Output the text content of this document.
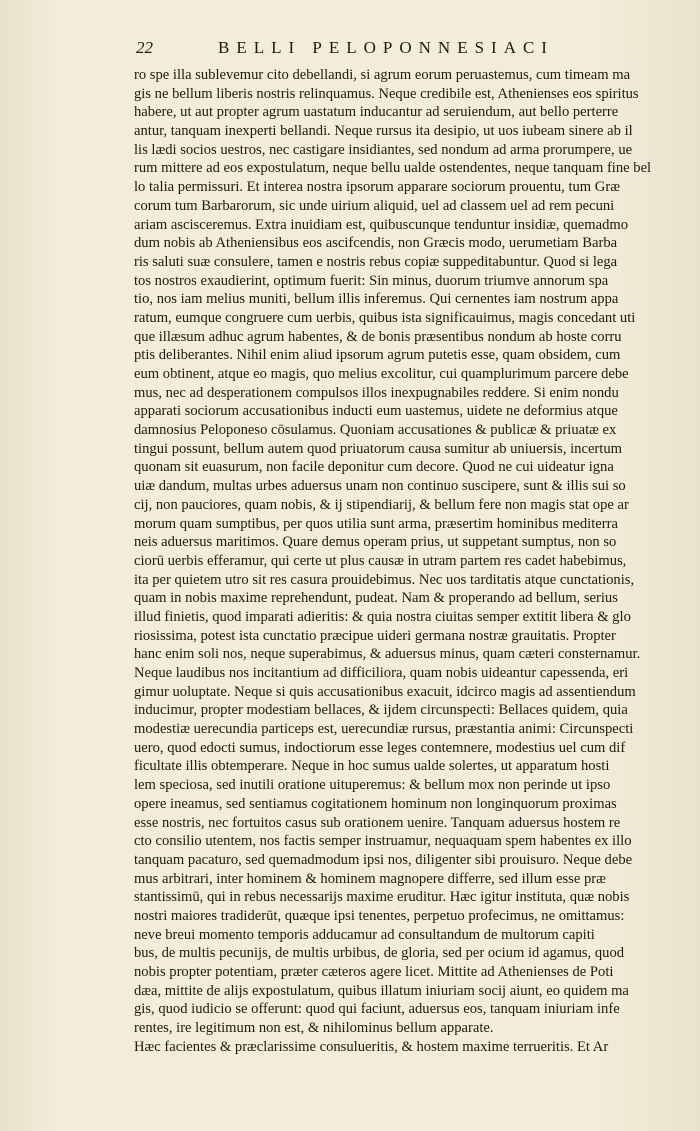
22	BELLI PELOPONNESIACI
ro spe illa sublevemur cito debellandi, si agrum eorum peruastemus, cum timeam ma
gis ne bellum liberis nostris relinquamus. Neque credibile est, Athenienses eos spiritus
habere, ut aut propter agrum uastatum inducantur ad seruiendum, aut bello perterre
antur, tanquam inexperti bellandi. Neque rursus ita desipio, ut uos iubeam sinere ab il
lis lædi socios uestros, nec castigare insidiantes, sed nondum ad arma prorumpere, ue
rum mittere ad eos expostulatum, neque bellu ualde ostendentes, neque tanquam fine bel
lo talia permissuri. Et interea nostra ipsorum apparare sociorum prouentu, tum Græ
corum tum Barbarorum, sic unde uirium aliquid, uel ad classem uel ad rem pecuni
ariam ascisceremus. Extra inuidiam est, quibuscunque tenduntur insidiæ, quemadmo
dum nobis ab Atheniensibus eos ascifcendis, non Græcis modo, uerumetiam Barba
ris saluti suæ consulere, tamen e nostris rebus copiæ suppeditabuntur. Quod si lega
tos nostros exaudierint, optimum fuerit: Sin minus, duorum triumve annorum spa
tio, nos iam melius muniti, bellum illis inferemus. Qui cernentes iam nostrum appa
ratum, eumque congruere cum uerbis, quibus ista significauimus, magis concedant uti
que illæsum adhuc agrum habentes, & de bonis præsentibus nondum ab hoste corru
ptis deliberantes. Nihil enim aliud ipsorum agrum putetis esse, quam obsidem, cum
eum obtinent, atque eo magis, quo melius excolitur, cui quamplurimum parcere debe
mus, nec ad desperationem compulsos illos inexpugnabiles reddere. Si enim nondu
apparati sociorum accusationibus inducti eum uastemus, uidete ne deformius atque
damnosius Peloponeso cōsulamus. Quoniam accusationes & publicæ & priuatæ ex
tingui possunt, bellum autem quod priuatorum causa sumitur ab uniuersis, incertum
quonam sit euasurum, non facile deponitur cum decore. Quod ne cui uideatur igna
uiæ dandum, multas urbes aduersus unam non continuo suscipere, sunt & illis sui so
cij, non pauciores, quam nobis, & ij stipendiarij, & bellum fere non magis stat ope ar
morum quam sumptibus, per quos utilia sunt arma, præsertim hominibus mediterra
neis aduersus maritimos. Quare demus operam prius, ut suppetant sumptus, non so
ciorū uerbis efferamur, qui certe ut plus causæ in utram partem res cadet habebimus,
ita per quietem utro sit res casura prouidebimus. Nec uos tarditatis atque cunctationis,
quam in nobis maxime reprehendunt, pudeat. Nam & properando ad bellum, serius
illud finietis, quod imparati adieritis: & quia nostra ciuitas semper extitit libera & glo
riosissima, potest ista cunctatio præcipue uideri germana nostræ grauitatis. Propter
hanc enim soli nos, neque superabimus, & aduersus minus, quam cæteri consternamur.
Neque laudibus nos incitantium ad difficiliora, quam nobis uideantur capessenda, eri
gimur uoluptate. Neque si quis accusationibus exacuit, idcirco magis ad assentiendum
inducimur, propter modestiam bellaces, & ijdem circunspecti: Bellaces quidem, quia
modestiæ uerecundia particeps est, uerecundiæ rursus, præstantia animi: Circunspecti
uero, quod edocti sumus, indoctiorum esse leges contemnere, modestius uel cum dif
ficultate illis obtemperare. Neque in hoc sumus ualde solertes, ut apparatum hosti
lem speciosa, sed inutili oratione uituperemus: & bellum mox non perinde ut ipso
opere ineamus, sed sentiamus cogitationem hominum non longinquorum proximas
esse nostris, nec fortuitos casus sub orationem uenire. Tanquam aduersus hostem re
cto consilio utentem, nos factis semper instruamur, nequaquam spem habentes ex illo
tanquam pacaturo, sed quemadmodum ipsi nos, diligenter sibi prouisuro. Neque debe
mus arbitrari, inter hominem & hominem magnopere differre, sed illum esse præ
stantissimū, qui in rebus necessarijs maxime eruditur. Hæc igitur instituta, quæ nobis
nostri maiores tradiderūt, quæque ipsi tenentes, perpetuo profecimus, ne omittamus:
neve breui momento temporis adducamur ad consultandum de multorum capiti
bus, de multis pecunijs, de multis urbibus, de gloria, sed per ocium id agamus, quod
nobis propter potentiam, præter cæteros agere licet. Mittite ad Athenienses de Poti
dæa, mittite de alijs expostulatum, quibus illatum iniuriam socij aiunt, eo quidem ma
gis, quod iudicio se offerunt: quod qui faciunt, aduersus eos, tanquam iniuriam infe
rentes, ire legitimum non est, & nihilominus bellum apparate.
Hæc facientes & præclarissime consulueritis, & hostem maxime terrueritis. Et Ar
